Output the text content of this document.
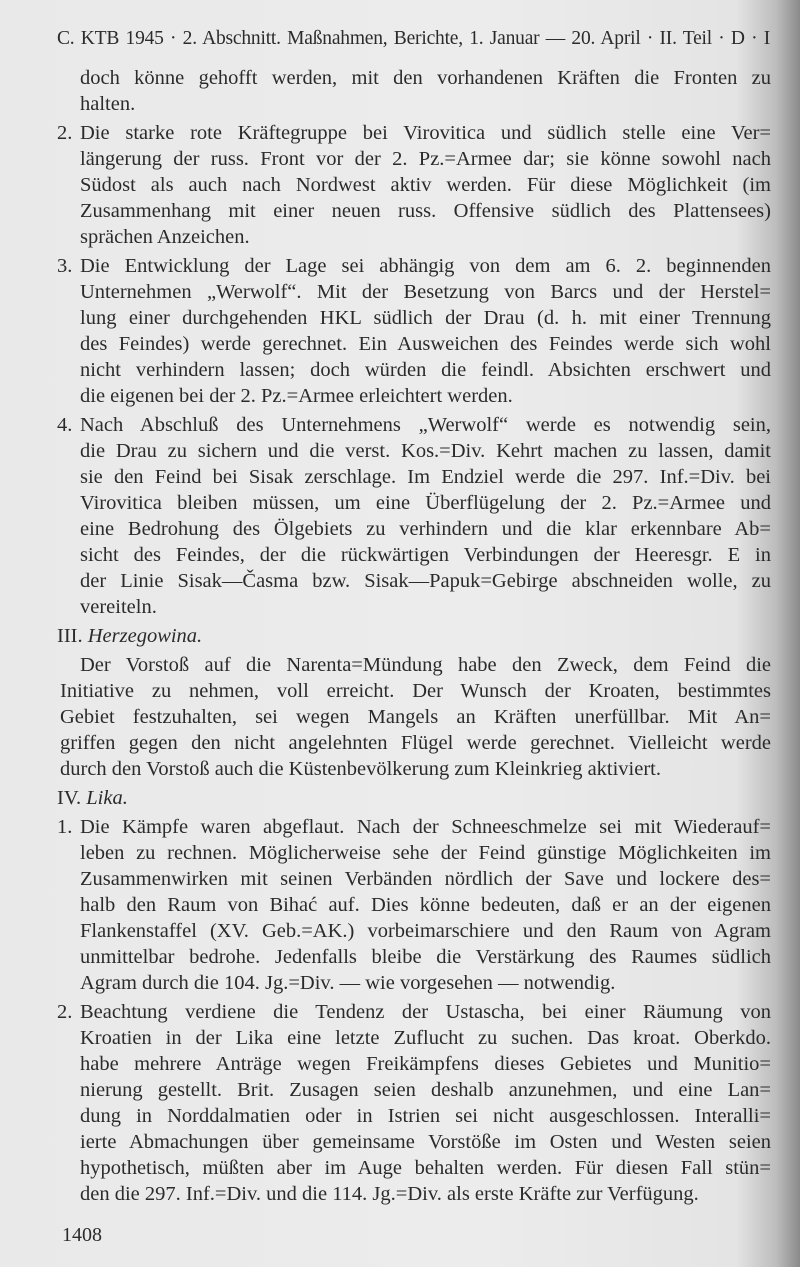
C. KTB 1945 · 2. Abschnitt. Maßnahmen, Berichte, 1. Januar — 20. April · II. Teil · D · I
doch könne gehofft werden, mit den vorhandenen Kräften die Fronten zu
halten.
2. Die starke rote Kräftegruppe bei Virovitica und südlich stelle eine Ver=
längerung der russ. Front vor der 2. Pz.=Armee dar; sie könne sowohl nach
Südost als auch nach Nordwest aktiv werden. Für diese Möglichkeit (im
Zusammenhang mit einer neuen russ. Offensive südlich des Plattensees)
sprächen Anzeichen.
3. Die Entwicklung der Lage sei abhängig von dem am 6. 2. beginnenden
Unternehmen „Werwolf“. Mit der Besetzung von Barcs und der Herstel=
lung einer durchgehenden HKL südlich der Drau (d. h. mit einer Trennung
des Feindes) werde gerechnet. Ein Ausweichen des Feindes werde sich wohl
nicht verhindern lassen; doch würden die feindl. Absichten erschwert und
die eigenen bei der 2. Pz.=Armee erleichtert werden.
4. Nach Abschluß des Unternehmens „Werwolf“ werde es notwendig sein,
die Drau zu sichern und die verst. Kos.=Div. Kehrt machen zu lassen, damit
sie den Feind bei Sisak zerschlage. Im Endziel werde die 297. Inf.=Div. bei
Virovitica bleiben müssen, um eine Überflügelung der 2. Pz.=Armee und
eine Bedrohung des Ölgebiets zu verhindern und die klar erkennbare Ab=
sicht des Feindes, der die rückwärtigen Verbindungen der Heeresgr. E in
der Linie Sisak—Časma bzw. Sisak—Papuk=Gebirge abschneiden wolle, zu
vereiteln.
III. Herzegowina.
Der Vorstoß auf die Narenta=Mündung habe den Zweck, dem Feind die
Initiative zu nehmen, voll erreicht. Der Wunsch der Kroaten, bestimmtes
Gebiet festzuhalten, sei wegen Mangels an Kräften unerfüllbar. Mit An=
griffen gegen den nicht angelehnten Flügel werde gerechnet. Vielleicht werde
durch den Vorstoß auch die Küstenbevölkerung zum Kleinkrieg aktiviert.
IV. Lika.
1. Die Kämpfe waren abgeflaut. Nach der Schneeschmelze sei mit Wiederauf=
leben zu rechnen. Möglicherweise sehe der Feind günstige Möglichkeiten im
Zusammenwirken mit seinen Verbänden nördlich der Save und lockere des=
halb den Raum von Bihać auf. Dies könne bedeuten, daß er an der eigenen
Flankenstaffel (XV. Geb.=AK.) vorbeimarschiere und den Raum von Agram
unmittelbar bedrohe. Jedenfalls bleibe die Verstärkung des Raumes südlich
Agram durch die 104. Jg.=Div. — wie vorgesehen — notwendig.
2. Beachtung verdiene die Tendenz der Ustascha, bei einer Räumung von
Kroatien in der Lika eine letzte Zuflucht zu suchen. Das kroat. Oberkdo.
habe mehrere Anträge wegen Freikämpfens dieses Gebietes und Munitio=
nierung gestellt. Brit. Zusagen seien deshalb anzunehmen, und eine Lan=
dung in Norddalmatien oder in Istrien sei nicht ausgeschlossen. Interalli=
ierte Abmachungen über gemeinsame Vorstöße im Osten und Westen seien
hypothetisch, müßten aber im Auge behalten werden. Für diesen Fall stün=
den die 297. Inf.=Div. und die 114. Jg.=Div. als erste Kräfte zur Verfügung.
1408
